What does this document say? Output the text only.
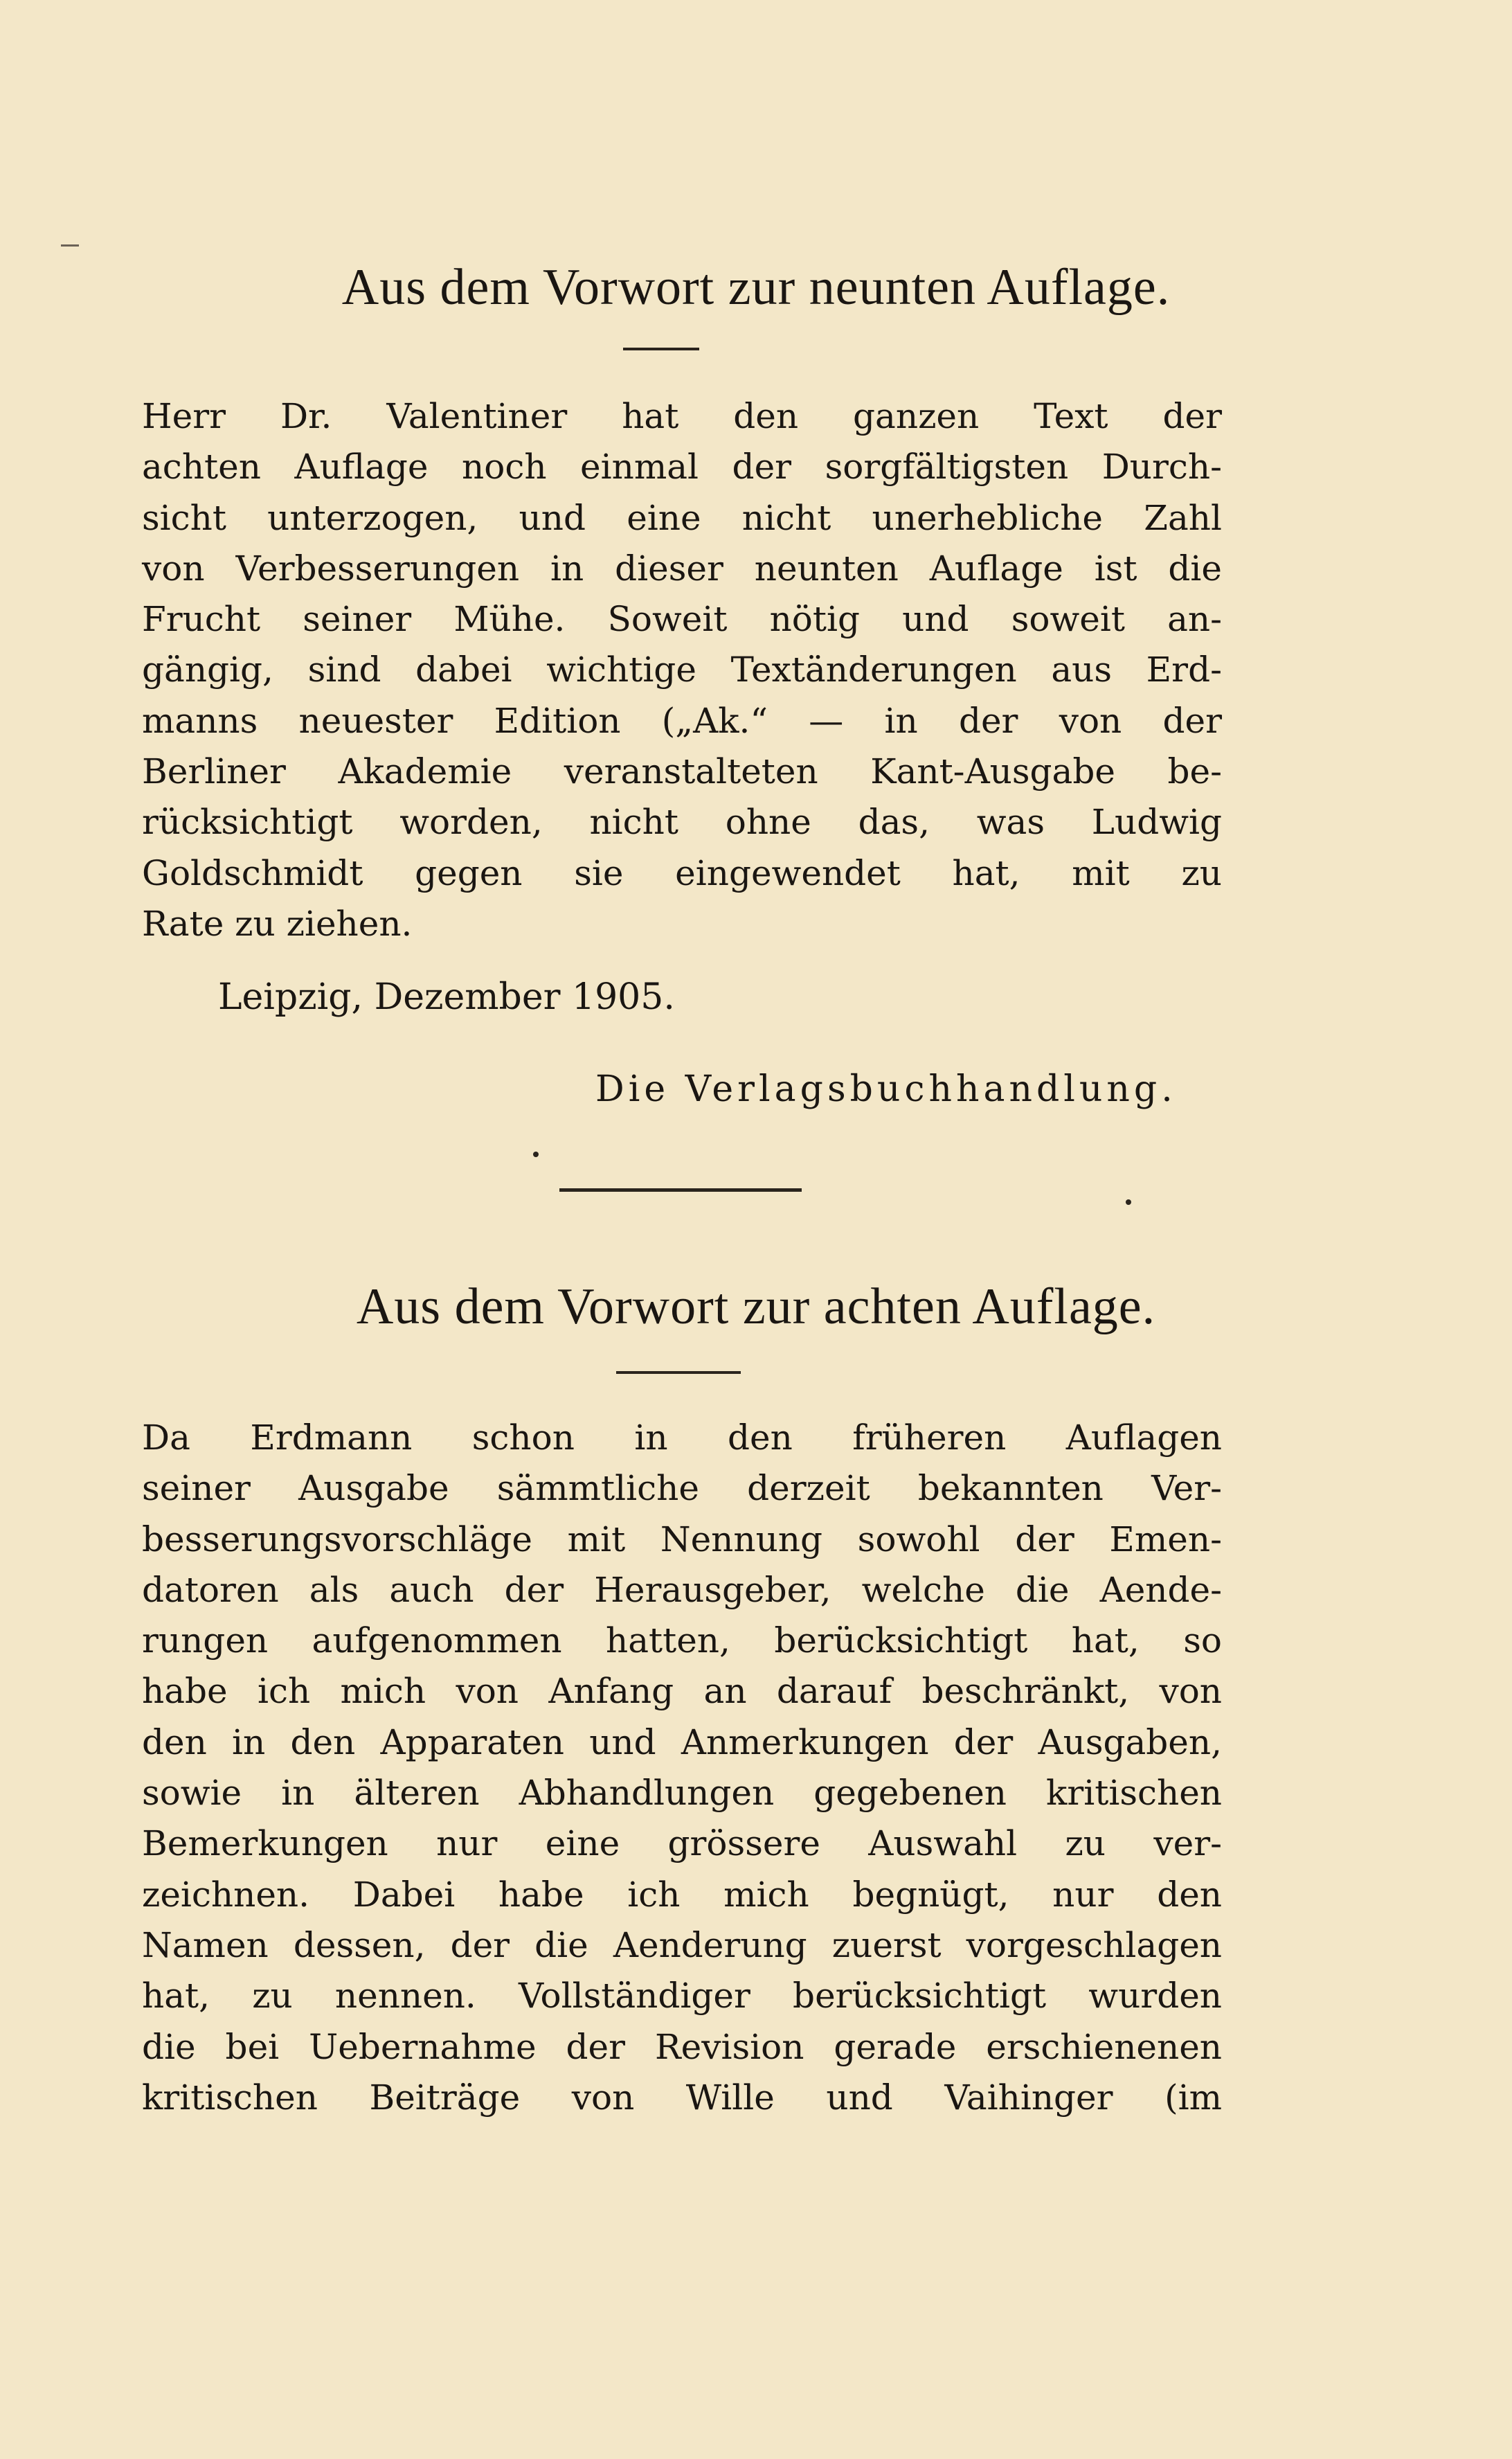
Aus dem Vorwort zur neunten Auflage.
Herr Dr. Valentiner hat den ganzen Text der
achten Auflage noch einmal der sorgfältigsten Durch-
sicht unterzogen, und eine nicht unerhebliche Zahl
von Verbesserungen in dieser neunten Auflage ist die
Frucht seiner Mühe. Soweit nötig und soweit an-
gängig, sind dabei wichtige Textänderungen aus Erd-
manns neuester Edition („Ak.“ — in der von der
Berliner Akademie veranstalteten Kant-Ausgabe be-
rücksichtigt worden, nicht ohne das, was Ludwig
Goldschmidt gegen sie eingewendet hat, mit zu
Rate zu ziehen.

Leipzig, Dezember 1905.

Die Verlagsbuchhandlung.

Aus dem Vorwort zur achten Auflage.
Da Erdmann schon in den früheren Auflagen
seiner Ausgabe sämmtliche derzeit bekannten Ver-
besserungsvorschläge mit Nennung sowohl der Emen-
datoren als auch der Herausgeber, welche die Aende-
rungen aufgenommen hatten, berücksichtigt hat, so
habe ich mich von Anfang an darauf beschränkt, von
den in den Apparaten und Anmerkungen der Ausgaben,
sowie in älteren Abhandlungen gegebenen kritischen
Bemerkungen nur eine grössere Auswahl zu ver-
zeichnen. Dabei habe ich mich begnügt, nur den
Namen dessen, der die Aenderung zuerst vorgeschlagen
hat, zu nennen. Vollständiger berücksichtigt wurden
die bei Uebernahme der Revision gerade erschienenen
kritischen Beiträge von Wille und Vaihinger (im
